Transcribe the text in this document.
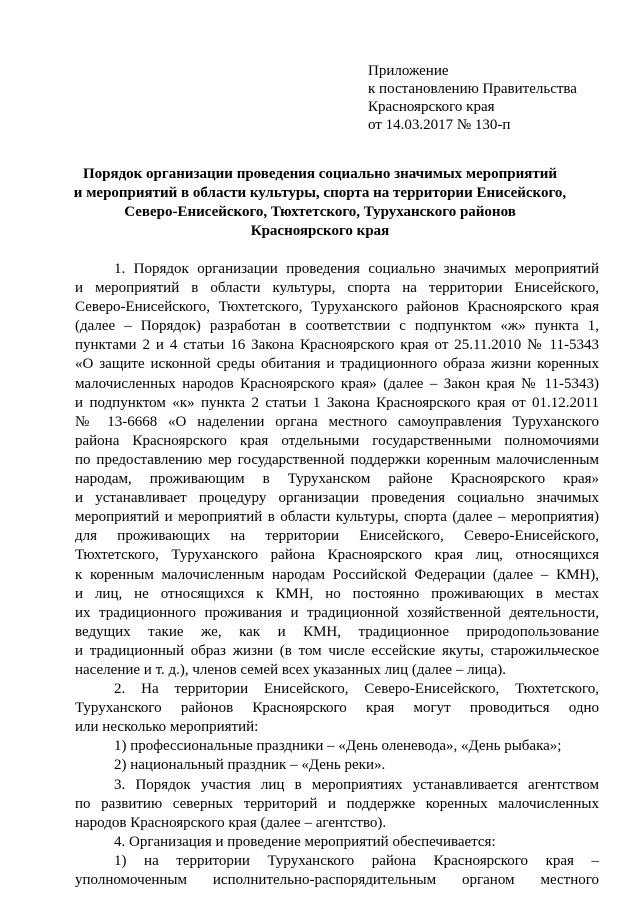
Приложение
к постановлению Правительства
Красноярского края
от 14.03.2017 № 130-п
Порядок организации проведения социально значимых мероприятий
и мероприятий в области культуры, спорта на территории Енисейского,
Северо-Енисейского, Тюхтетского, Туруханского районов
Красноярского края
1. Порядок организации проведения социально значимых мероприятий
и мероприятий в области культуры, спорта на территории Енисейского,
Северо-Енисейского, Тюхтетского, Туруханского районов Красноярского края
(далее – Порядок) разработан в соответствии с подпунктом «ж» пункта 1,
пунктами 2 и 4 статьи 16 Закона Красноярского края от 25.11.2010 № 11-5343
«О защите исконной среды обитания и традиционного образа жизни коренных
малочисленных народов Красноярского края» (далее – Закон края № 11-5343)
и подпунктом «к» пункта 2 статьи 1 Закона Красноярского края от 01.12.2011
№ 13-6668 «О наделении органа местного самоуправления Туруханского
района Красноярского края отдельными государственными полномочиями
по предоставлению мер государственной поддержки коренным малочисленным
народам, проживающим в Туруханском районе Красноярского края»
и устанавливает процедуру организации проведения социально значимых
мероприятий и мероприятий в области культуры, спорта (далее – мероприятия)
для проживающих на территории Енисейского, Северо-Енисейского,
Тюхтетского, Туруханского района Красноярского края лиц, относящихся
к коренным малочисленным народам Российской Федерации (далее – КМН),
и лиц, не относящихся к КМН, но постоянно проживающих в местах
их традиционного проживания и традиционной хозяйственной деятельности,
ведущих такие же, как и КМН, традиционное природопользование
и традиционный образ жизни (в том числе ессейские якуты, старожильческое
население и т. д.), членов семей всех указанных лиц (далее – лица).
2. На территории Енисейского, Северо-Енисейского, Тюхтетского,
Туруханского районов Красноярского края могут проводиться одно
или несколько мероприятий:
1) профессиональные праздники – «День оленевода», «День рыбака»;
2) национальный праздник – «День реки».
3. Порядок участия лиц в мероприятиях устанавливается агентством
по развитию северных территорий и поддержке коренных малочисленных
народов Красноярского края (далее – агентство).
4. Организация и проведение мероприятий обеспечивается:
1) на территории Туруханского района Красноярского края –
уполномоченным исполнительно-распорядительным органом местного
